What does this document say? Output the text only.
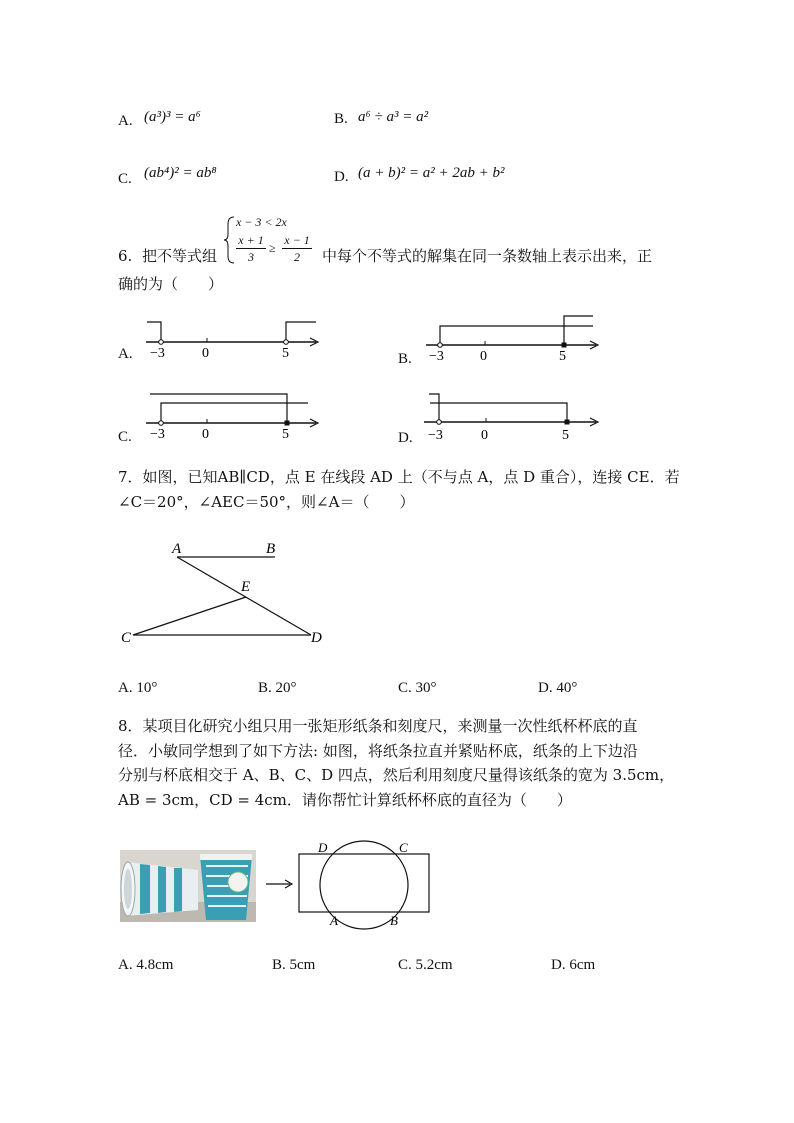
A. (a³)³ = a⁶	B. a⁶ ÷ a³ = a²
C. (ab⁴)² = ab⁸	D. (a + b)² = a² + 2ab + b²
6. 把不等式组
x − 3 < 2x
x + 1
3
≥
x − 1
2	中每个不等式的解集在同一条数轴上表示出来，正
确的为（　　）
A. −3	0	5	B. −3	0	5
C. −3	0	5	D. −3	0	5
7．如图，已知AB∥CD，点 E 在线段 AD 上（不与点 A，点 D 重合），连接 CE．若
∠C＝20°，∠AEC＝50°，则∠A＝（　　）
A	B
E
C	D
A. 10°	B. 20°	C. 30°	D. 40°
8．某项目化研究小组只用一张矩形纸条和刻度尺，来测量一次性纸杯杯底的直
径．小敏同学想到了如下方法: 如图，将纸条拉直并紧贴杯底，纸条的上下边沿
分别与杯底相交于 A、B、C、D 四点，然后利用刻度尺量得该纸条的宽为 3.5cm，
AB = 3cm，CD = 4cm．请你帮忙计算纸杯杯底的直径为（　　）
D	C
A	B
A. 4.8cm	B. 5cm	C. 5.2cm	D. 6cm
